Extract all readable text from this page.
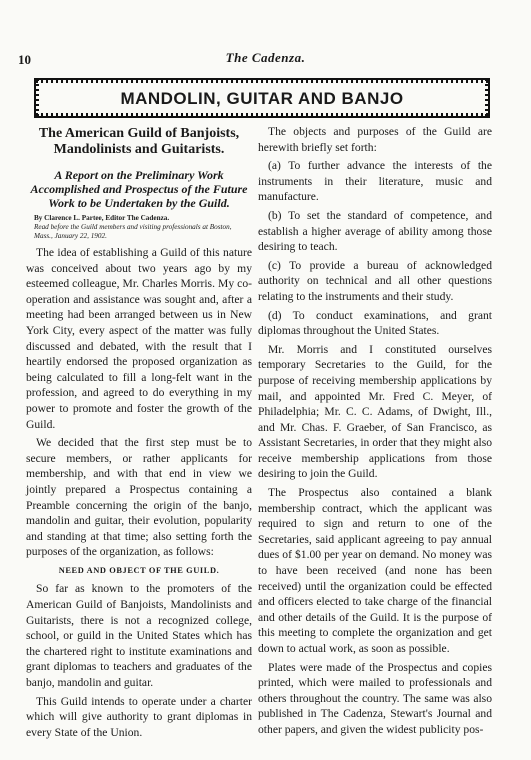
10	The Cadenza.
MANDOLIN, GUITAR AND BANJO
The American Guild of Banjoists, Mandolinists and Guitarists.
A Report on the Preliminary Work Accomplished and Prospectus of the Future Work to be Undertaken by the Guild.
By Clarence L. Partee, Editor The Cadenza.
Read before the Guild members and visiting professionals at Boston, Mass., January 22, 1902.

The idea of establishing a Guild of this nature was conceived about two years ago by my esteemed colleague, Mr. Charles Morris. My co-operation and assistance was sought and, after a meeting had been arranged between us in New York City, every aspect of the matter was fully discussed and debated, with the result that I heartily endorsed the proposed organization as being calculated to fill a long-felt want in the profession, and agreed to do everything in my power to promote and foster the growth of the Guild.

We decided that the first step must be to secure members, or rather applicants for membership, and with that end in view we jointly prepared a Prospectus containing a Preamble concerning the origin of the banjo, mandolin and guitar, their evolution, popularity and standing at that time; also setting forth the purposes of the organization, as follows:

NEED AND OBJECT OF THE GUILD.

So far as known to the promoters of the American Guild of Banjoists, Mandolinists and Guitarists, there is not a recognized college, school, or guild in the United States which has the chartered right to institute examinations and grant diplomas to teachers and graduates of the banjo, mandolin and guitar.

This Guild intends to operate under a charter which will give authority to grant diplomas in every State of the Union.

The objects and purposes of the Guild are herewith briefly set forth:

(a) To further advance the interests of the instruments in their literature, music and manufacture.

(b) To set the standard of competence, and establish a higher average of ability among those desiring to teach.

(c) To provide a bureau of acknowledged authority on technical and all other questions relating to the instruments and their study.

(d) To conduct examinations, and grant diplomas throughout the United States.

Mr. Morris and I constituted ourselves temporary Secretaries to the Guild, for the purpose of receiving membership applications by mail, and appointed Mr. Fred C. Meyer, of Philadelphia; Mr. C. C. Adams, of Dwight, Ill., and Mr. Chas. F. Graeber, of San Francisco, as Assistant Secretaries, in order that they might also receive membership applications from those desiring to join the Guild.

The Prospectus also contained a blank membership contract, which the applicant was required to sign and return to one of the Secretaries, said applicant agreeing to pay annual dues of $1.00 per year on demand. No money was to have been received (and none has been received) until the organization could be effected and officers elected to take charge of the financial and other details of the Guild. It is the purpose of this meeting to complete the organization and get down to actual work, as soon as possible.

Plates were made of the Prospectus and copies printed, which were mailed to professionals and others throughout the country. The same was also published in The Cadenza, Stewart's Journal and other papers, and given the widest publicity pos-
